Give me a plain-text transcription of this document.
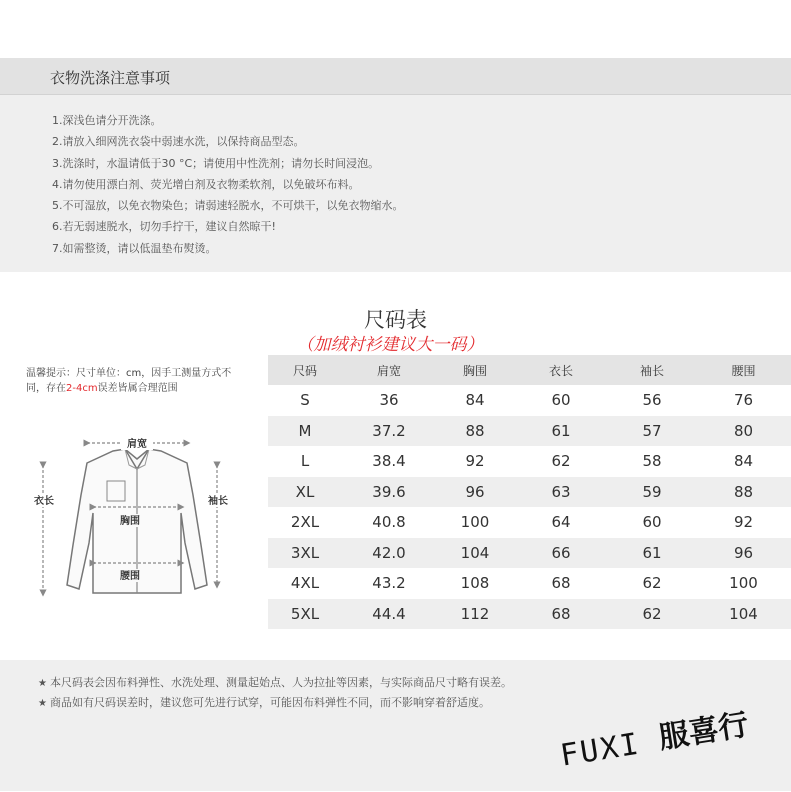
衣物洗涤注意事项
1.深浅色请分开洗涤。
2.请放入细网洗衣袋中弱速水洗，以保持商品型态。
3.洗涤时，水温请低于30 °C；请使用中性洗剂；请勿长时间浸泡。
4.请勿使用漂白剂、荧光增白剂及衣物柔软剂，以免破坏布料。
5.不可湿放，以免衣物染色；请弱速轻脱水，不可烘干，以免衣物缩水。
6.若无弱速脱水，切勿手拧干，建议自然晾干!
7.如需整烫，请以低温垫布熨烫。
尺码表
（加绒衬衫建议大一码）
温馨提示：尺寸单位：cm，因手工测量方式不同，存在2-4cm误差皆属合理范围
肩宽
衣长	袖长
胸围
腰围
尺码	肩宽	胸围	衣长	袖长	腰围
S	36	84	60	56	76
M	37.2	88	61	57	80
L	38.4	92	62	58	84
XL	39.6	96	63	59	88
2XL	40.8	100	64	60	92
3XL	42.0	104	66	61	96
4XL	43.2	108	68	62	100
5XL	44.4	112	68	62	104
★ 本尺码表会因布料弹性、水洗处理、测量起始点、人为拉扯等因素，与实际商品尺寸略有误差。
★ 商品如有尺码误差时，建议您可先进行试穿，可能因布料弹性不同，而不影响穿着舒适度。
FUXI 服喜行
